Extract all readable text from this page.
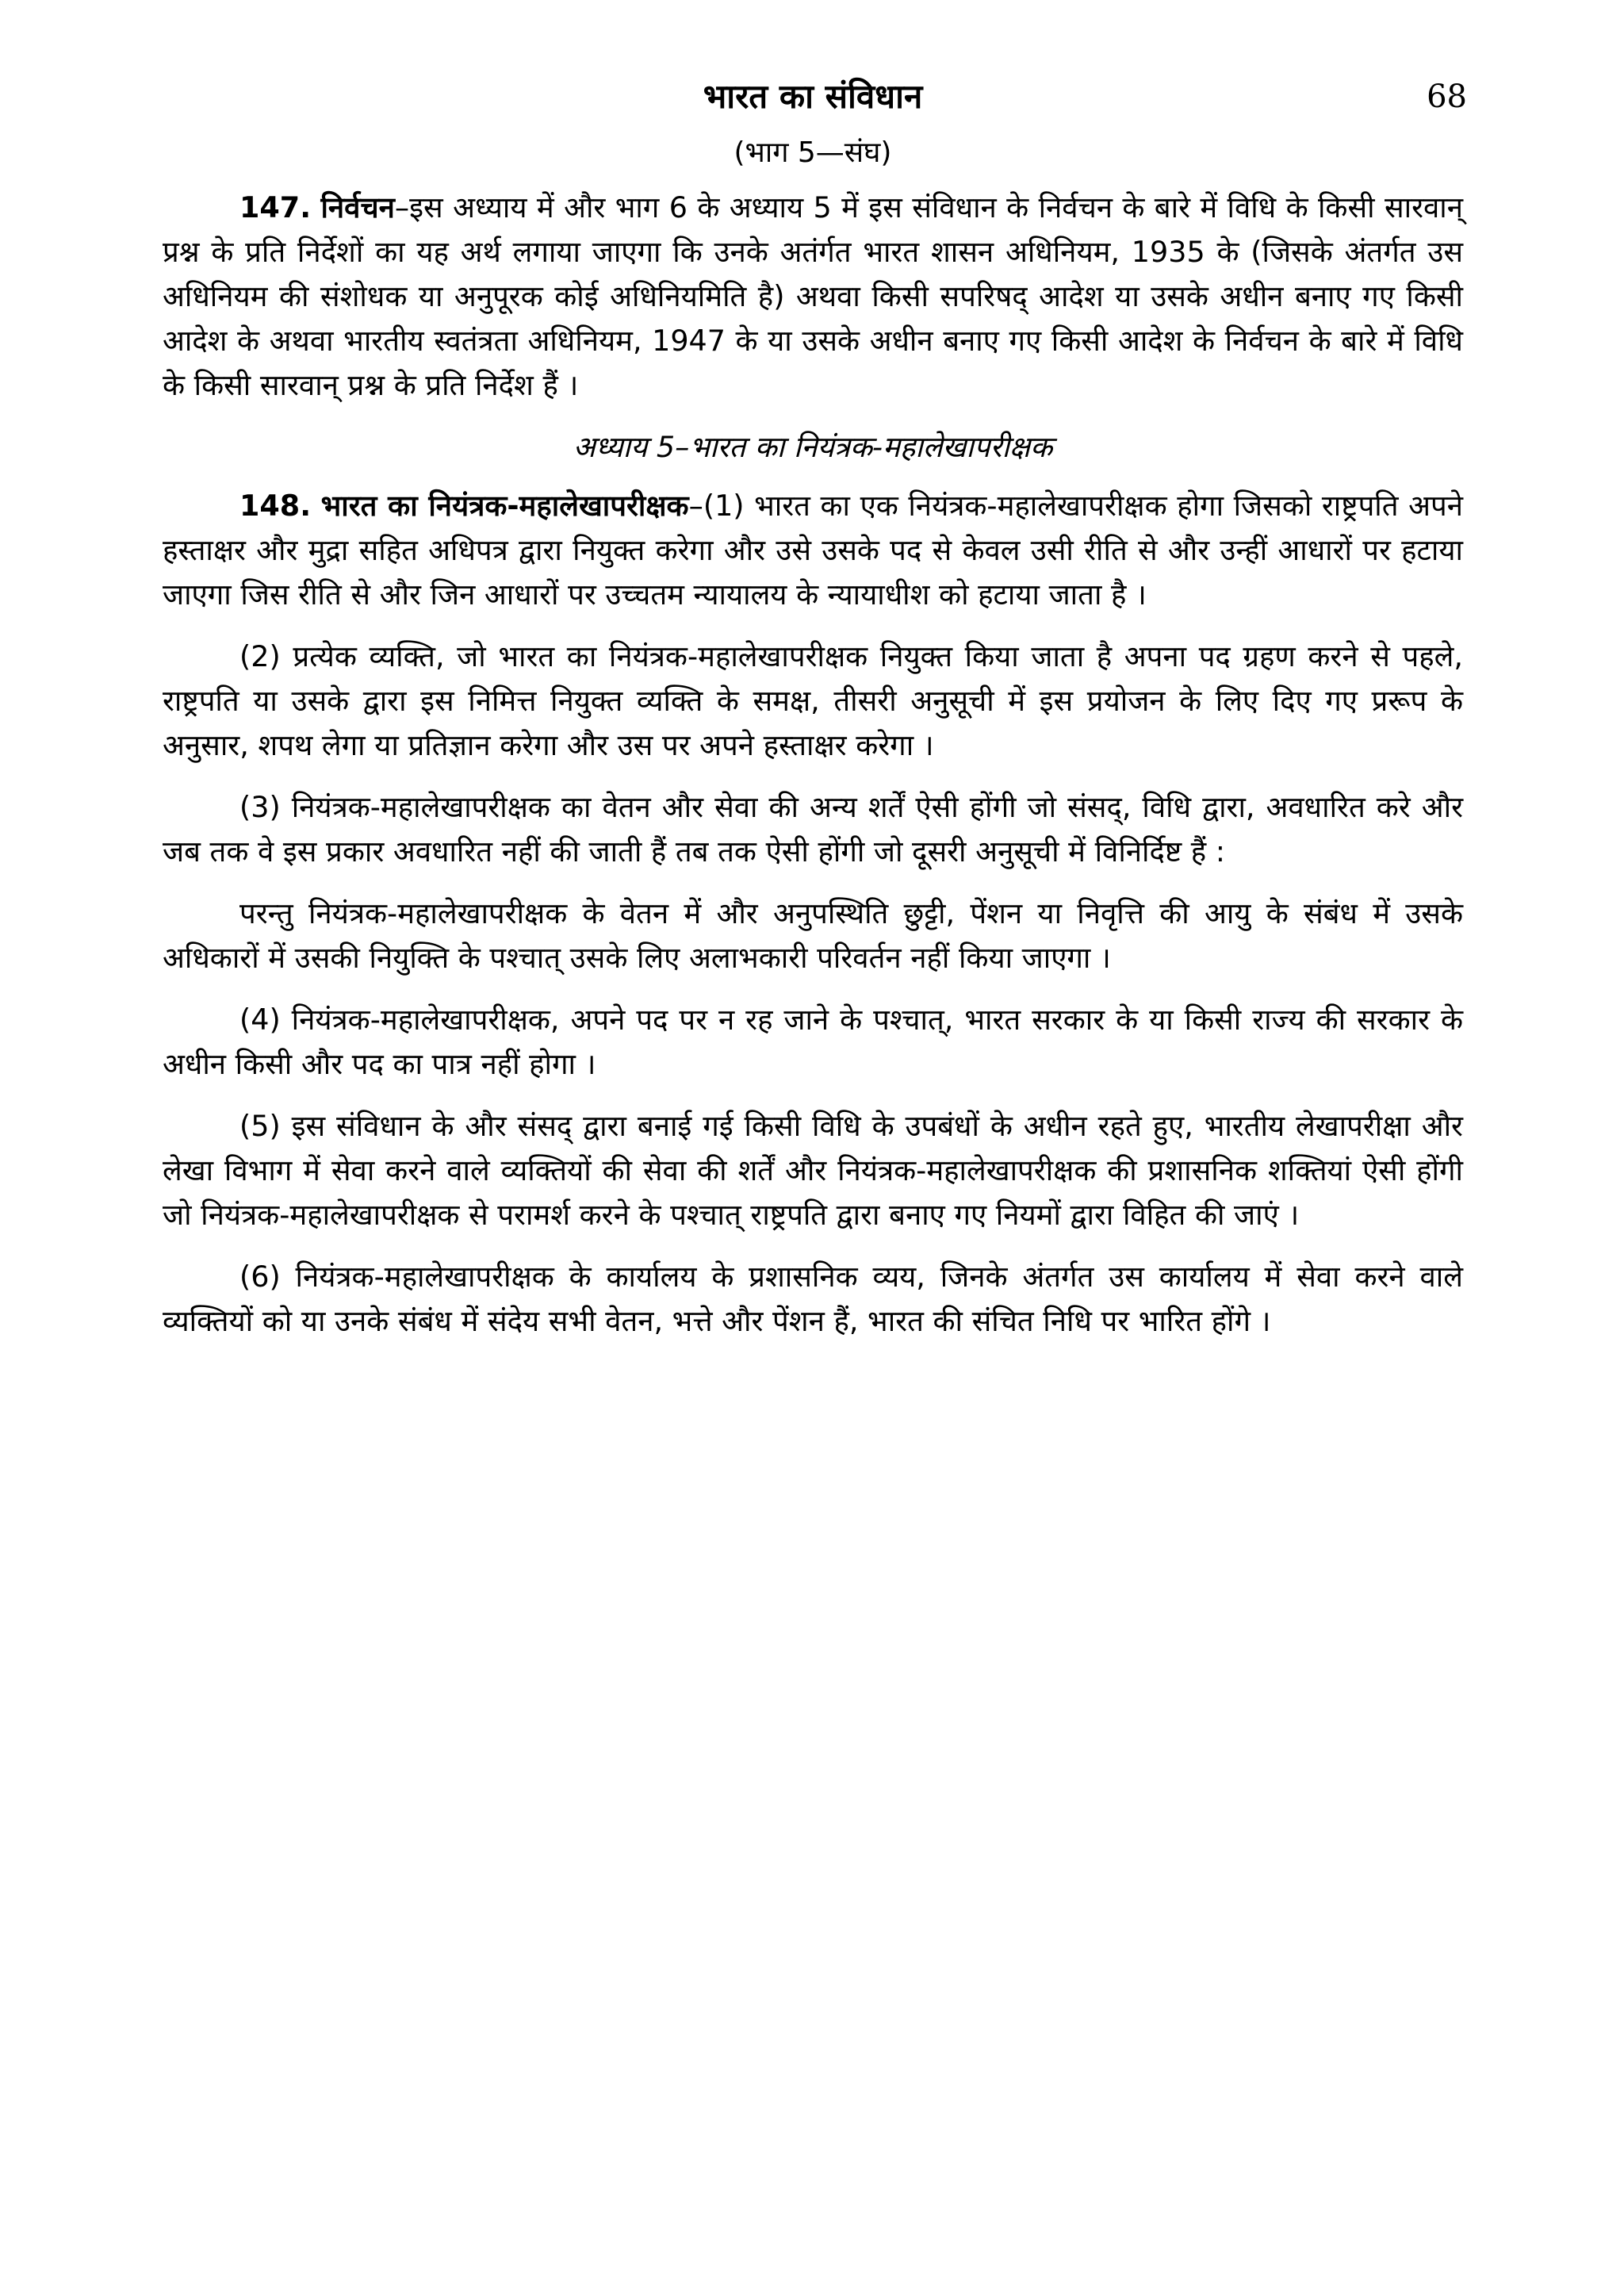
68
भारत का संविधान
(भाग 5—संघ)

147. निर्वचन–इस अध्याय में और भाग 6 के अध्याय 5 में इस संविधान के निर्वचन के बारे में विधि के किसी सारवान् प्रश्न के प्रति निर्देशों का यह अर्थ लगाया जाएगा कि उनके अतंर्गत भारत शासन अधिनियम, 1935 के (जिसके अंतर्गत उस अधिनियम की संशोधक या अनुपूरक कोई अधिनियमिति है) अथवा किसी सपरिषद् आदेश या उसके अधीन बनाए गए किसी आदेश के अथवा भारतीय स्वतंत्रता अधिनियम, 1947 के या उसके अधीन बनाए गए किसी आदेश के निर्वचन के बारे में विधि के किसी सारवान् प्रश्न के प्रति निर्देश हैं ।

अध्याय 5–भारत का नियंत्रक-महालेखापरीक्षक

148. भारत का नियंत्रक-महालेखापरीक्षक–(1) भारत का एक नियंत्रक-महालेखापरीक्षक होगा जिसको राष्ट्रपति अपने हस्ताक्षर और मुद्रा सहित अधिपत्र द्वारा नियुक्त करेगा और उसे उसके पद से केवल उसी रीति से और उन्हीं आधारों पर हटाया जाएगा जिस रीति से और जिन आधारों पर उच्चतम न्यायालय के न्यायाधीश को हटाया जाता है ।

(2) प्रत्येक व्यक्ति, जो भारत का नियंत्रक-महालेखापरीक्षक नियुक्त किया जाता है अपना पद ग्रहण करने से पहले, राष्ट्रपति या उसके द्वारा इस निमित्त नियुक्त व्यक्ति के समक्ष, तीसरी अनुसूची में इस प्रयोजन के लिए दिए गए प्ररूप के अनुसार, शपथ लेगा या प्रतिज्ञान करेगा और उस पर अपने हस्ताक्षर करेगा ।

(3) नियंत्रक-महालेखापरीक्षक का वेतन और सेवा की अन्य शर्तें ऐसी होंगी जो संसद्, विधि द्वारा, अवधारित करे और जब तक वे इस प्रकार अवधारित नहीं की जाती हैं तब तक ऐसी होंगी जो दूसरी अनुसूची में विनिर्दिष्ट हैं :

परन्तु नियंत्रक-महालेखापरीक्षक के वेतन में और अनुपस्थिति छुट्टी, पेंशन या निवृत्ति की आयु के संबंध में उसके अधिकारों में उसकी नियुक्ति के पश्चात् उसके लिए अलाभकारी परिवर्तन नहीं किया जाएगा ।

(4) नियंत्रक-महालेखापरीक्षक, अपने पद पर न रह जाने के पश्चात्, भारत सरकार के या किसी राज्य की सरकार के अधीन किसी और पद का पात्र नहीं होगा ।

(5) इस संविधान के और संसद् द्वारा बनाई गई किसी विधि के उपबंधों के अधीन रहते हुए, भारतीय लेखापरीक्षा और लेखा विभाग में सेवा करने वाले व्यक्तियों की सेवा की शर्तें और नियंत्रक-महालेखापरीक्षक की प्रशासनिक शक्तियां ऐसी होंगी जो नियंत्रक-महालेखापरीक्षक से परामर्श करने के पश्चात् राष्ट्रपति द्वारा बनाए गए नियमों द्वारा विहित की जाएं ।

(6) नियंत्रक-महालेखापरीक्षक के कार्यालय के प्रशासनिक व्यय, जिनके अंतर्गत उस कार्यालय में सेवा करने वाले व्यक्तियों को या उनके संबंध में संदेय सभी वेतन, भत्ते और पेंशन हैं, भारत की संचित निधि पर भारित होंगे ।
